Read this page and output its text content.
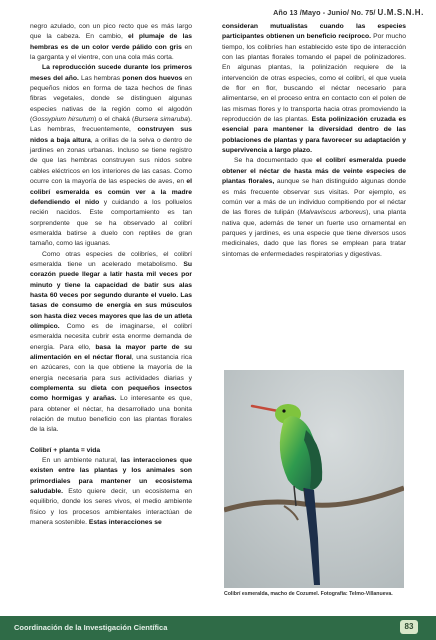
Año 13 /Mayo - Junio/ No. 75/ U.M.S.N.H.

negro azulado, con un pico recto que es más largo que la cabeza. En cambio, el plumaje de las hembras es de un color verde pálido con gris en la garganta y el vientre, con una cola más corta.

La reproducción sucede durante los primeros meses del año. Las hembras ponen dos huevos en pequeños nidos en forma de taza hechos de finas fibras vegetales, donde se distinguen algunas especies nativas de la región como el algodón (Gossypium hirsutum) o el chaká (Bursera simaruba). Las hembras, frecuentemente, construyen sus nidos a baja altura, a orillas de la selva o dentro de jardines en zonas urbanas. Incluso se tiene registro de que las hembras construyen sus nidos sobre cables eléctricos en los interiores de las casas. Como ocurre con la mayoría de las especies de aves, en el colibrí esmeralda es común ver a la madre defendiendo el nido y cuidando a los polluelos recién nacidos. Este comportamiento es tan sorprendente que se ha observado al colibrí esmeralda batirse a duelo con reptiles de gran tamaño, como las iguanas.

Como otras especies de colibríes, el colibrí esmeralda tiene un acelerado metabolismo. Su corazón puede llegar a latir hasta mil veces por minuto y tiene la capacidad de batir sus alas hasta 60 veces por segundo durante el vuelo. Las tasas de consumo de energía en sus músculos son hasta diez veces mayores que las de un atleta olímpico. Como es de imaginarse, el colibrí esmeralda necesita cubrir esta enorme demanda de energía. Para ello, basa la mayor parte de su alimentación en el néctar floral, una sustancia rica en azúcares, con la que obtiene la mayoría de la energía necesaria para sus actividades diarias y complementa su dieta con pequeños insectos como hormigas y arañas. Lo interesante es que, para obtener el néctar, ha desarrollado una bonita relación de mutuo beneficio con las plantas florales de la isla.

Colibrí + planta = vida

En un ambiente natural, las interacciones que existen entre las plantas y los animales son primordiales para mantener un ecosistema saludable. Esto quiere decir, un ecosistema en equilibrio, donde los seres vivos, el medio ambiente físico y los procesos ambientales interactúan de manera sostenible. Estas interacciones se

consideran mutualistas cuando las especies participantes obtienen un beneficio recíproco. Por mucho tiempo, los colibríes han establecido este tipo de interacción con las plantas florales tomando el papel de polinizadores. En algunas plantas, la polinización requiere de la intervención de otras especies, como el colibrí, el que vuela de flor en flor, buscando el néctar necesario para alimentarse, en el proceso entra en contacto con el polen de las mismas flores y lo transporta hacia otras promoviendo la reproducción de las plantas. Esta polinización cruzada es esencial para mantener la diversidad dentro de las poblaciones de plantas y para favorecer su adaptación y supervivencia a largo plazo.

Se ha documentado que el colibrí esmeralda puede obtener el néctar de hasta más de veinte especies de plantas florales, aunque se han distinguido algunas donde es más frecuente observar sus visitas. Por ejemplo, es común ver a más de un individuo compitiendo por el néctar de las flores de tulipán (Malvaviscus arboreus), una planta nativa que, además de tener un fuerte uso ornamental en parques y jardines, es una especie que tiene diversos usos medicinales, dado que las flores se emplean para tratar síntomas de enfermedades respiratorias y digestivas.

Colibrí esmeralda, macho de Cozumel. Fotografía: Telmo-Villanueva.
Coordinación de la Investigación Científica	83
